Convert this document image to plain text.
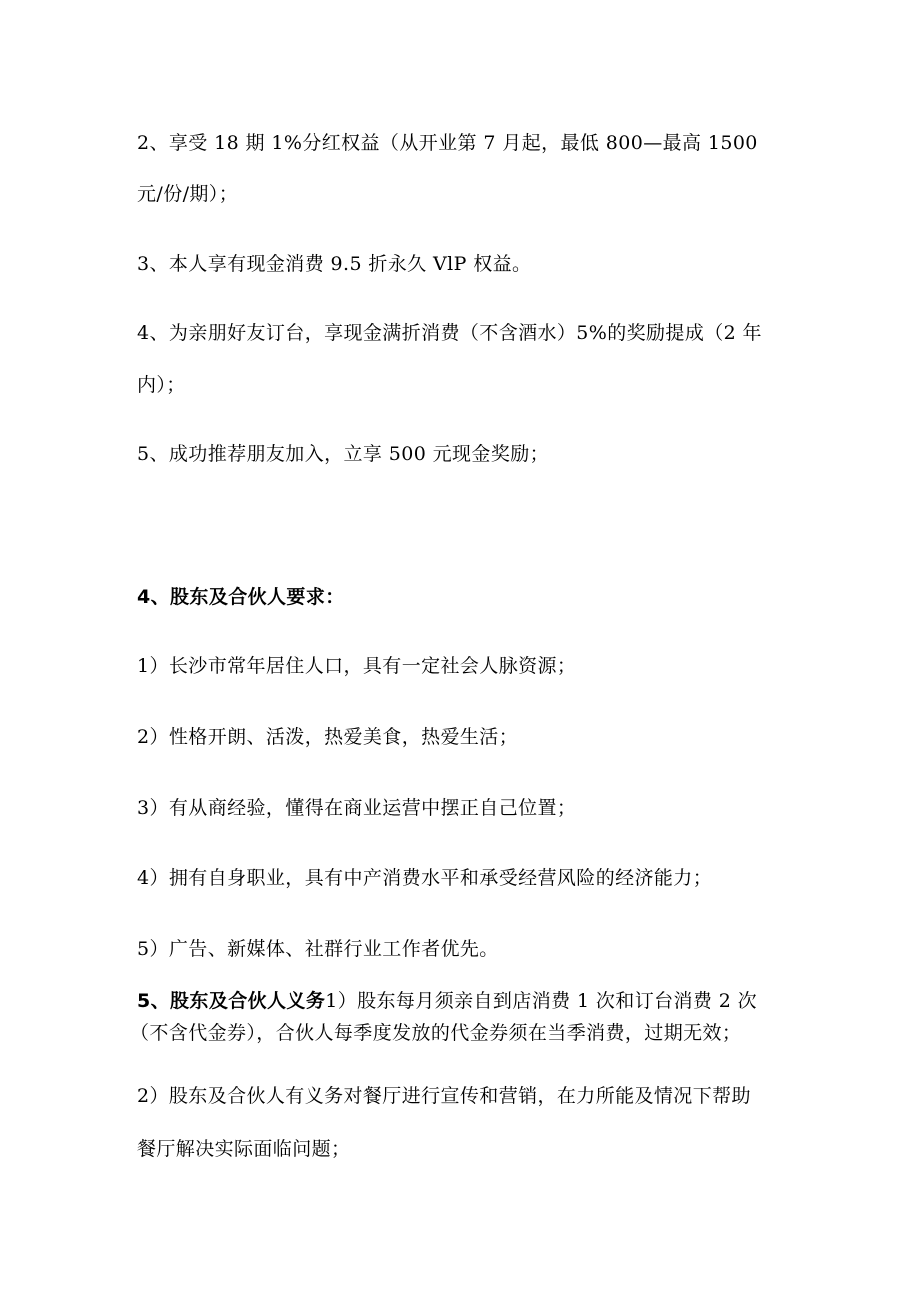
2、享受 18 期 1%分红权益（从开业第 7 月起，最低 800—最高 1500
元/份/期）；
3、本人享有现金消费 9.5 折永久 VlP 权益。
4、为亲朋好友订台，享现金满折消费（不含酒水）5%的奖励提成（2 年
内）；
5、成功推荐朋友加入，立享 500 元现金奖励；
4、股东及合伙人要求：
1）长沙市常年居住人口，具有一定社会人脉资源；
2）性格开朗、活泼，热爱美食，热爱生活；
3）有从商经验，懂得在商业运营中摆正自己位置；
4）拥有自身职业，具有中产消费水平和承受经营风险的经济能力；
5）广告、新媒体、社群行业工作者优先。
5、股东及合伙人义务1）股东每月须亲自到店消费 1 次和订台消费 2 次
（不含代金券），合伙人每季度发放的代金券须在当季消费，过期无效；
2）股东及合伙人有义务对餐厅进行宣传和营销，在力所能及情况下帮助
餐厅解决实际面临问题；
